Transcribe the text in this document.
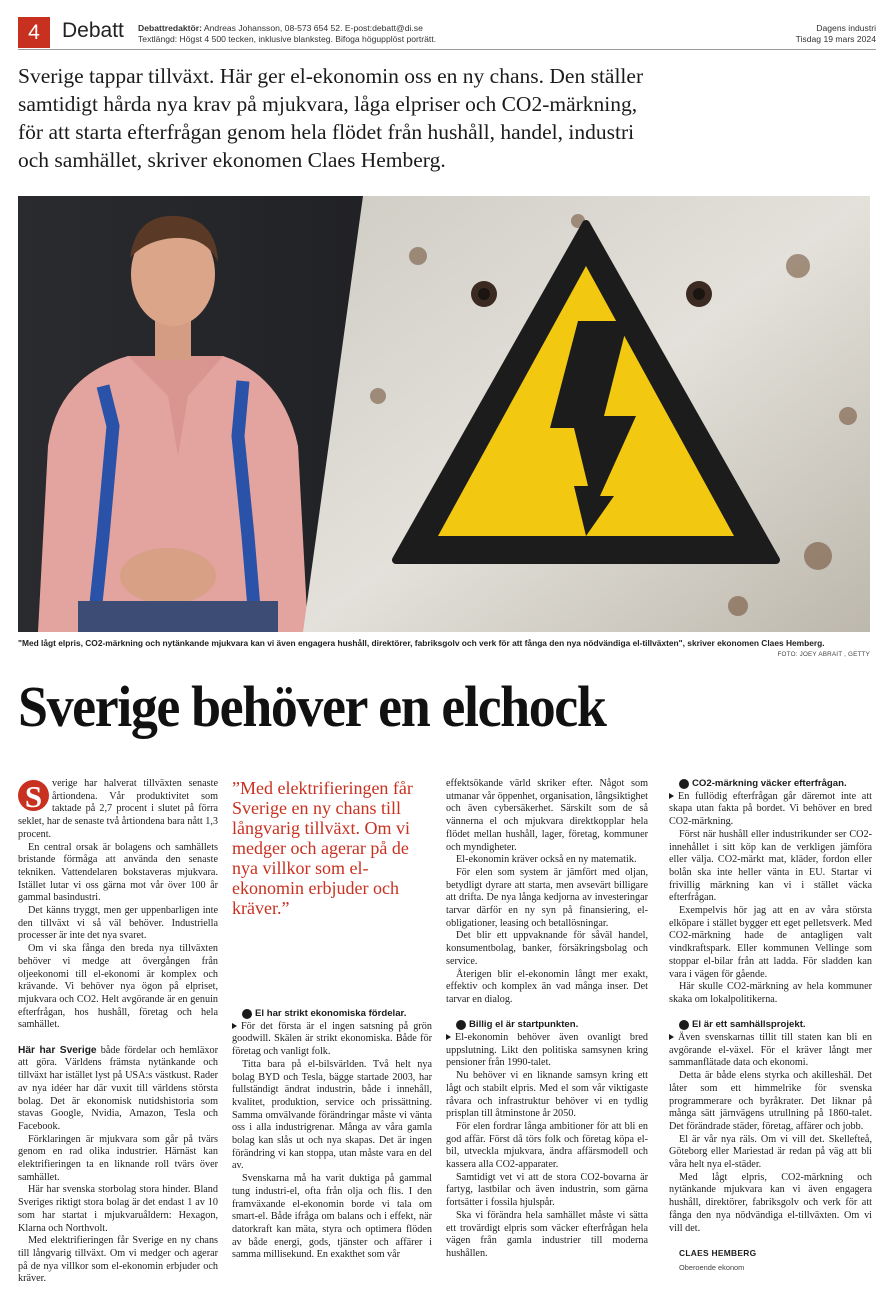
4	Debatt Debattredaktör: Andreas Johansson, 08-573 654 52. E-post:debatt@di.se
Textlängd: Högst 4 500 tecken, inklusive blanksteg. Bifoga högupplöst porträtt.
Dagens industri
Tisdag 19 mars 2024
Sverige tappar tillväxt. Här ger el-ekonomin oss en ny chans. Den ställer samtidigt hårda nya krav på mjukvara, låga elpriser och CO2-märkning, för att starta efterfrågan genom hela flödet från hushåll, handel, industri och samhället, skriver ekonomen Claes Hemberg.
"Med lågt elpris, CO2-märkning och nytänkande mjukvara kan vi även engagera hushåll, direktörer, fabriksgolv och verk för att fånga den nya nödvändiga el-tillväxten", skriver ekonomen Claes Hemberg.
FOTO: JOEY ABRAIT , GETTY
Sverige behöver en elchock

S verige har halverat tillväxten senaste årtiondena. Vår produktivitet som taktade på 2,7 procent i slutet på förra seklet, har de senaste två årtiondena bara nått 1,3 procent.

En central orsak är bolagens och samhällets bristande förmåga att använda den senaste tekniken. Vattendelaren bokstaveras mjukvara. Istället lutar vi oss gärna mot vår över 100 år gammal basindustri.

Det känns tryggt, men ger uppenbarligen inte den tillväxt vi så väl behöver. Industriella processer är inte det nya svaret.

Om vi ska fånga den breda nya tillväxten behöver vi medge att övergången från oljeekonomi till el-ekonomi är komplex och krävande. Vi behöver nya ögon på elpriset, mjukvara och CO2. Helt avgörande är en genuin efterfrågan, hos hushåll, företag och hela samhället.

Här har Sverige både fördelar och hemläxor att göra. Världens främsta nytänkande och tillväxt har istället lyst på USA:s västkust. Rader av nya idéer har där vuxit till världens största bolag. Det är ekonomisk nutidshistoria som stavas Google, Nvidia, Amazon, Tesla och Facebook.

Förklaringen är mjukvara som går på tvärs genom en rad olika industrier. Härnäst kan elektrifieringen ta en liknande roll tvärs över samhället.

Här har svenska storbolag stora hinder. Bland Sveriges riktigt stora bolag är det endast 1 av 10 som har startat i mjukvaruåldern: Hexagon, Klarna och Northvolt.

Med elektrifieringen får Sverige en ny chans till långvarig tillväxt. Om vi medger och agerar på de nya villkor som el-ekonomin erbjuder och kräver.

”Med elektrifieringen får Sverige en ny chans till långvarig tillväxt. Om vi medger och agerar på de nya villkor som el-ekonomin erbjuder och kräver.”

1El har strikt ekonomiska fördelar.

För det första är el ingen satsning på grön goodwill. Skälen är strikt ekonomiska. Både för företag och vanligt folk.

Titta bara på el-bilsvärlden. Två helt nya bolag BYD och Tesla, bägge startade 2003, har fullständigt ändrat industrin, både i innehåll, kvalitet, produktion, service och prissättning. Samma omvälvande förändringar måste vi vänta oss i alla industrigrenar. Många av våra gamla bolag kan slås ut och nya skapas. Det är ingen förändring vi kan stoppa, utan måste vara en del av.

Svenskarna må ha varit duktiga på gammal tung industri-el, ofta från olja och flis. I den framväxande el-ekonomin borde vi tala om smart-el. Både ifråga om balans och i effekt, när datorkraft kan mäta, styra och optimera flöden av både energi, gods, tjänster och affärer i samma millisekund. En exakthet som vår

effektsökande värld skriker efter. Något som utmanar vår öppenhet, organisation, långsiktighet och även cybersäkerhet. Särskilt som de så vännerna el och mjukvara direktkopplar hela flödet mellan hushåll, lager, företag, kommuner och myndigheter.

El-ekonomin kräver också en ny matematik.

För elen som system är jämfört med oljan, betydligt dyrare att starta, men avsevärt billigare att drifta. De nya långa kedjorna av investeringar tarvar därför en ny syn på finansiering, el-obligationer, leasing och betallösningar.

Det blir ett uppvaknande för såväl handel, konsumentbolag, banker, försäkringsbolag och service.

Återigen blir el-ekonomin långt mer exakt, effektiv och komplex än vad många inser. Det tarvar en dialog.

2Billig el är startpunkten.

El-ekonomin behöver även ovanligt bred uppslutning. Likt den politiska samsynen kring pensioner från 1990-talet.

Nu behöver vi en liknande samsyn kring ett lågt och stabilt elpris. Med el som vår viktigaste råvara och infrastruktur behöver vi en tydlig prisplan till åtminstone år 2050.

För elen fordrar långa ambitioner för att bli en god affär. Först då törs folk och företag köpa el-bil, utveckla mjukvara, ändra affärsmodell och kassera alla CO2-apparater.

Samtidigt vet vi att de stora CO2-bovarna är fartyg, lastbilar och även industrin, som gärna fortsätter i fossila hjulspår.

Ska vi förändra hela samhället måste vi sätta ett trovärdigt elpris som väcker efterfrågan hela vägen från gamla industrier till moderna hushållen.

3CO2-märkning väcker efterfrågan.

En fullödig efterfrågan går däremot inte att skapa utan fakta på bordet. Vi behöver en bred CO2-märkning.

Först när hushåll eller industrikunder ser CO2-innehållet i sitt köp kan de verkligen jämföra eller välja. CO2-märkt mat, kläder, fordon eller bolån ska inte heller vänta in EU. Startar vi frivillig märkning kan vi i stället väcka efterfrågan.

Exempelvis hör jag att en av våra största elköpare i stället bygger ett eget pelletsverk. Med CO2-märkning hade de antagligen valt vindkraftspark. Eller kommunen Vellinge som stoppar el-bilar från att ladda. För sladden kan vara i vägen för gående.

Här skulle CO2-märkning av hela kommuner skaka om lokalpolitikerna.

4El är ett samhällsprojekt.

Även svenskarnas tillit till staten kan bli en avgörande el-växel. För el kräver långt mer sammanflätade data och ekonomi.

Detta är både elens styrka och akilleshäl. Det låter som ett himmelrike för svenska programmerare och byråkrater. Det liknar på många sätt järnvägens utrullning på 1860-talet. Det förändrade städer, företag, affärer och jobb.

El är vår nya räls. Om vi vill det. Skellefteå, Göteborg eller Mariestad är redan på väg att bli våra helt nya el-städer.

Med lågt elpris, CO2-märkning och nytänkande mjukvara kan vi även engagera hushåll, direktörer, fabriksgolv och verk för att fånga den nya nödvändiga el-tillväxten. Om vi vill det.

CLAES HEMBERG

Oberoende ekonom
